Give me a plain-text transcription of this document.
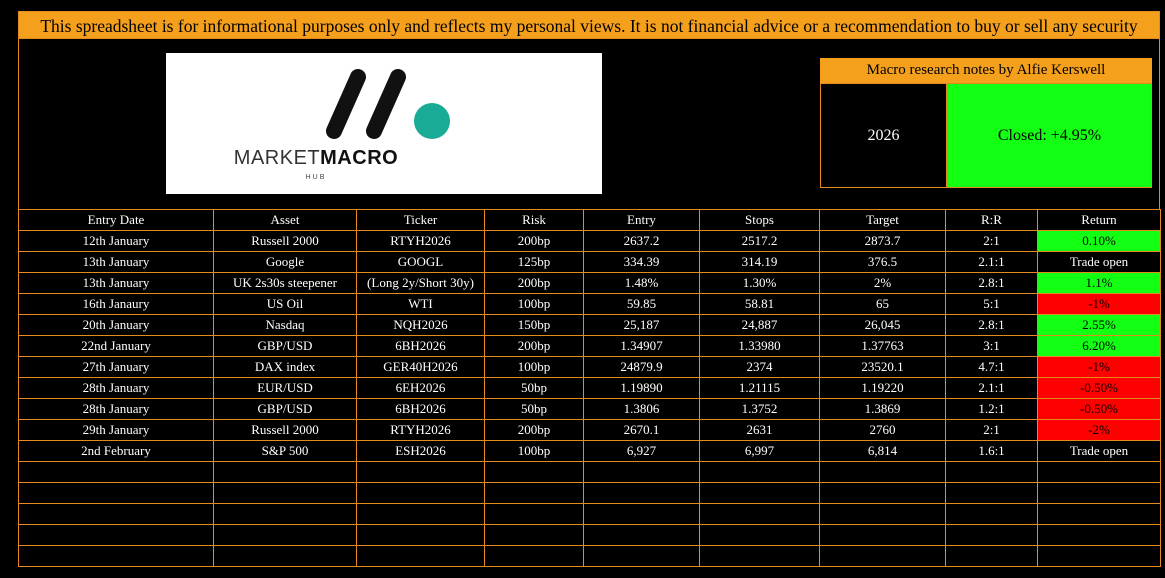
This spreadsheet is for informational purposes only and reflects my personal views. It is not financial advice or a recommendation to buy or sell any security
MARKETMACRO
HUB
Macro research notes by Alfie Kerswell
2026	Closed: +4.95%
Entry Date	Asset	Ticker	Risk	Entry	Stops	Target	R:R	Return
12th January	Russell 2000	RTYH2026	200bp	2637.2	2517.2	2873.7	2:1	0.10%
13th January	Google	GOOGL	125bp	334.39	314.19	376.5	2.1:1	Trade open
13th January	UK 2s30s steepener	(Long 2y/Short 30y)	200bp	1.48%	1.30%	2%	2.8:1	1.1%
16th Janaury	US Oil	WTI	100bp	59.85	58.81	65	5:1	-1%
20th January	Nasdaq	NQH2026	150bp	25,187	24,887	26,045	2.8:1	2.55%
22nd January	GBP/USD	6BH2026	200bp	1.34907	1.33980	1.37763	3:1	6.20%
27th January	DAX index	GER40H2026	100bp	24879.9	2374	23520.1	4.7:1	-1%
28th January	EUR/USD	6EH2026	50bp	1.19890	1.21115	1.19220	2.1:1	-0.50%
28th January	GBP/USD	6BH2026	50bp	1.3806	1.3752	1.3869	1.2:1	-0.50%
29th January	Russell 2000	RTYH2026	200bp	2670.1	2631	2760	2:1	-2%
2nd February	S&P 500	ESH2026	100bp	6,927	6,997	6,814	1.6:1	Trade open
